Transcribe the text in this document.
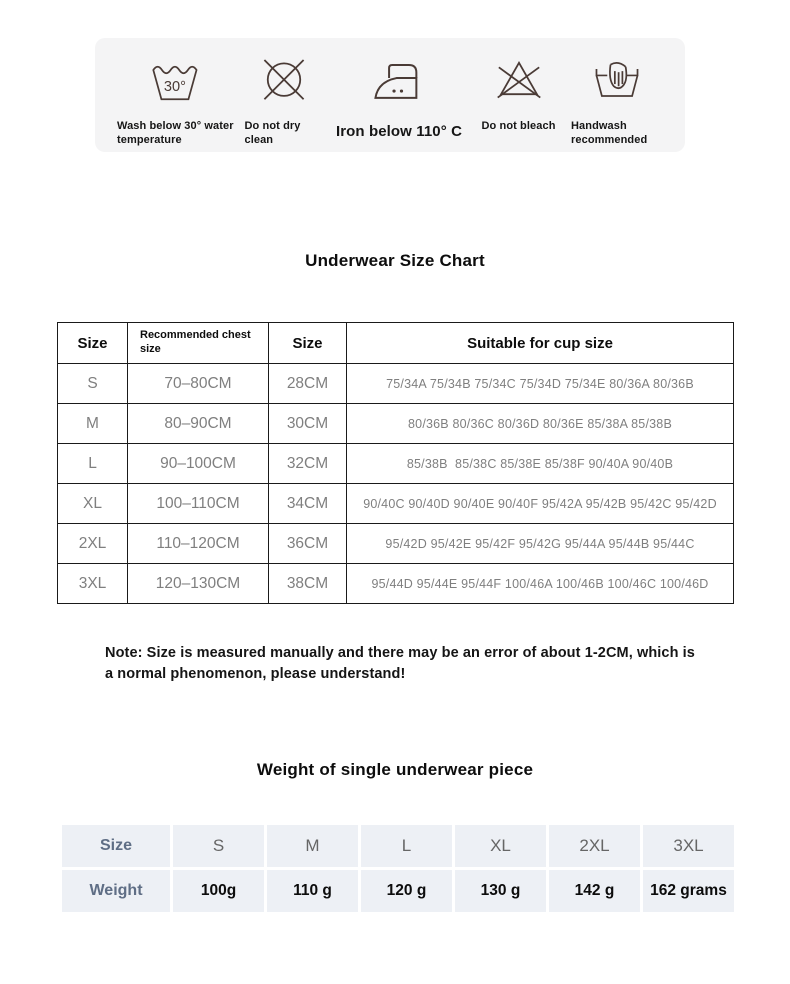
30°
Wash below 30° water temperature
Do not dry clean
Iron below 110° C Do not bleach Handwash recommended
Underwear Size Chart
Size	Recommended chest size	Size	Suitable for cup size
S	70–80CM	28CM	75/34A 75/34B 75/34C 75/34D 75/34E 80/36A 80/36B
M	80–90CM	30CM	80/36B 80/36C 80/36D 80/36E 85/38A 85/38B
L	90–100CM	32CM	85/38B  85/38C 85/38E 85/38F 90/40A 90/40B
XL	100–110CM	34CM	90/40C 90/40D 90/40E 90/40F 95/42A 95/42B 95/42C 95/42D
2XL	110–120CM	36CM	95/42D 95/42E 95/42F 95/42G 95/44A 95/44B 95/44C
3XL	120–130CM	38CM	95/44D 95/44E 95/44F 100/46A 100/46B 100/46C 100/46D
Note: Size is measured manually and there may be an error of about 1-2CM, which is a normal phenomenon, please understand!
Weight of single underwear piece
Size	S	M	L	XL	2XL	3XL
Weight	100g	110 g	120 g	130 g	142 g	162 grams
